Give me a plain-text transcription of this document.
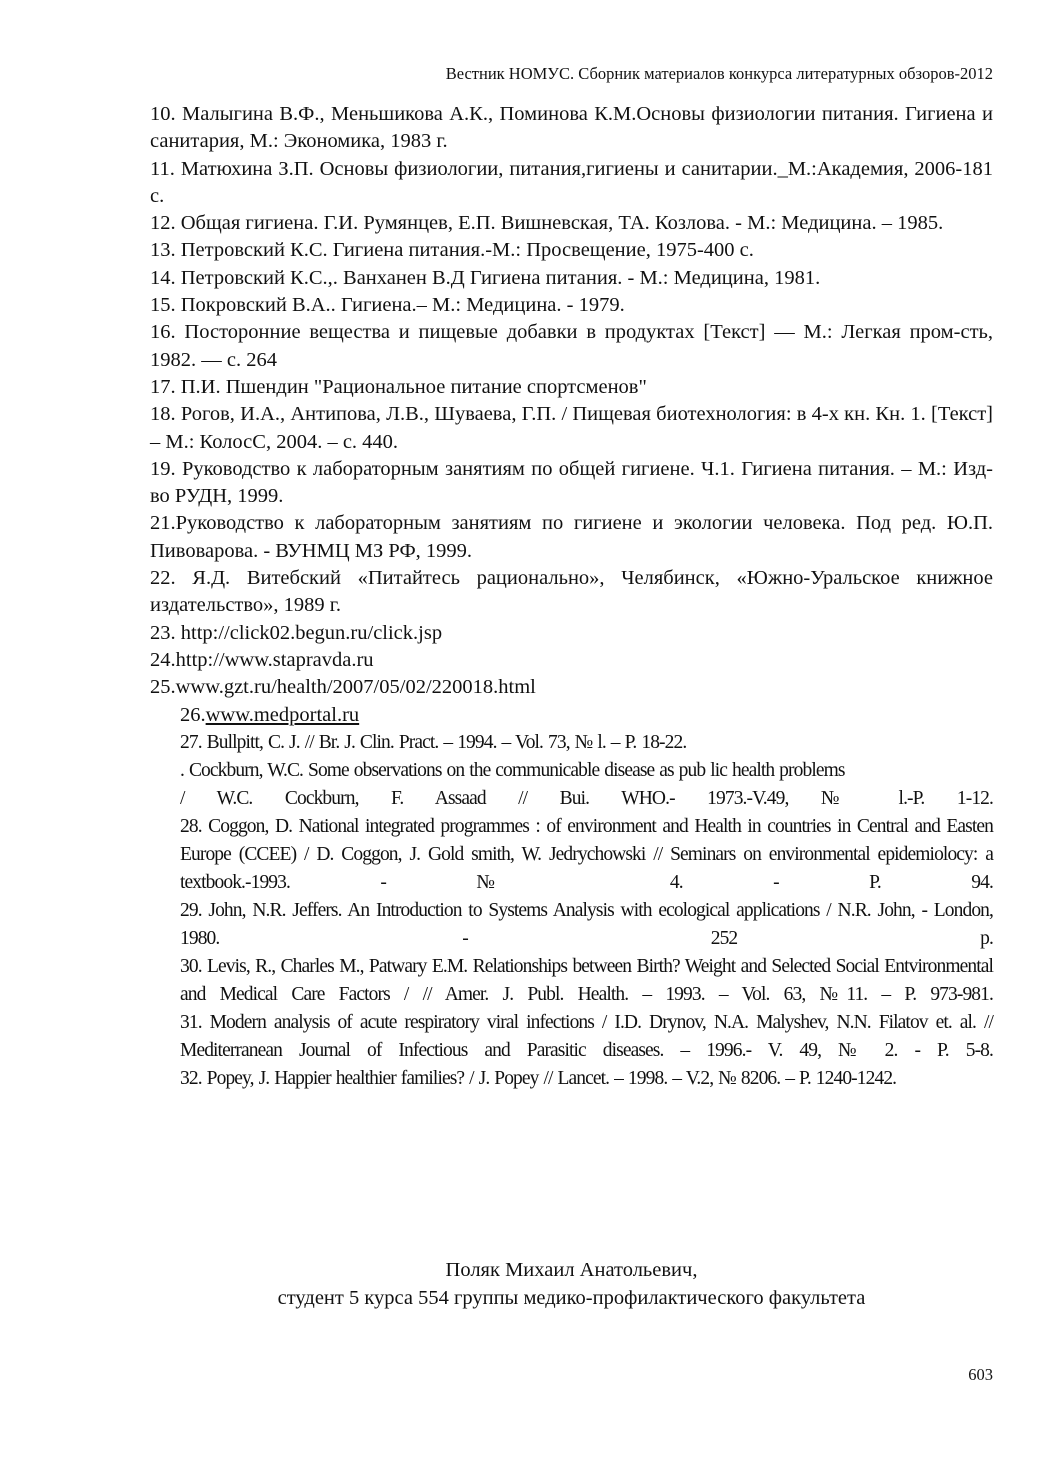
Вестник НОМУС. Сборник материалов конкурса литературных обзоров-2012
10. Малыгина В.Ф., Меньшикова А.К., Поминова К.М.Основы физиологии питания. Гигиена и санитария, М.: Экономика, 1983 г.
11. Матюхина З.П. Основы физиологии, питания,гигиены и санитарии._М.:Академия, 2006-181 с.
12. Общая гигиена. Г.И. Румянцев, Е.П. Вишневская, ТА. Козлова. - М.: Медицина. – 1985.
13. Петровский К.С. Гигиена питания.-М.: Просвещение, 1975-400 с.
14. Петровский К.С.,. Ванханен В.Д Гигиена питания. - М.: Медицина, 1981.
15. Покровский В.А.. Гигиена.– М.: Медицина. - 1979.
16. Посторонние вещества и пищевые добавки в продуктах [Текст] — М.: Легкая пром-сть, 1982. — с. 264
17. П.И. Пшендин "Рациональное питание спортсменов"
18. Рогов, И.А., Антипова, Л.В., Шуваева, Г.П. / Пищевая биотехнология: в 4-х кн. Кн. 1. [Текст] – М.: КолосС, 2004. – с. 440.
19. Руководство к лабораторным занятиям по общей гигиене. Ч.1. Гигиена питания. – М.: Изд-во РУДН, 1999.
21.Руководство к лабораторным занятиям по гигиене и экологии человека. Под ред. Ю.П. Пивоварова. - ВУНМЦ МЗ РФ, 1999.
22. Я.Д. Витебский «Питайтесь рационально», Челябинск, «Южно-Уральское книжное издательство», 1989 г.
23. http://click02.begun.ru/click.jsp
24.http://www.stapravda.ru
25.www.gzt.ru/health/2007/05/02/220018.html
26.www.medportal.ru

27. Bullpitt, C. J. // Br. J. Clin. Pract. – 1994. – Vol. 73, № l. – P. 18-22.

. Cockburn, W.C. Some observations on the communicable disease as pub lic health problems

/ W.C. Cockburn, F. Assaad // Bui. WHO.- 1973.-V.49, № l.-P. 1-12.

28. Coggon, D. National integrated programmes : of environment and Health in countries in Central and Easten Europe (CCEE) / D. Coggon, J. Gold smith, W. Jedrychowski // Seminars on environmental epidemiolocy: a textbook.-1993. - № 4. - P. 94.

29. John, N.R. Jeffers. An Introduction to Systems Analysis with ecological applications / N.R. John, - London, 1980. - 252 p.

30. Levis, R., Charles M., Patwary E.M. Relationships between Birth? Weight and Selected Social Entvironmental and Medical Care Factors / // Amer. J. Publ. Health. – 1993. – Vol. 63, №11. – P. 973-981.

31. Modern analysis of acute respiratory viral infections / I.D. Drynov, N.A. Malyshev, N.N. Filatov et. al. // Mediterranean Journal of Infectious and Parasitic diseases. – 1996.- V. 49, № 2. - P. 5-8.

32. Popey, J. Happier healthier families? / J. Popey // Lancet. – 1998. – V.2, № 8206. – P. 1240-1242.

Поляк Михаил Анатольевич,
студент 5 курса 554 группы медико-профилактического факультета
603
